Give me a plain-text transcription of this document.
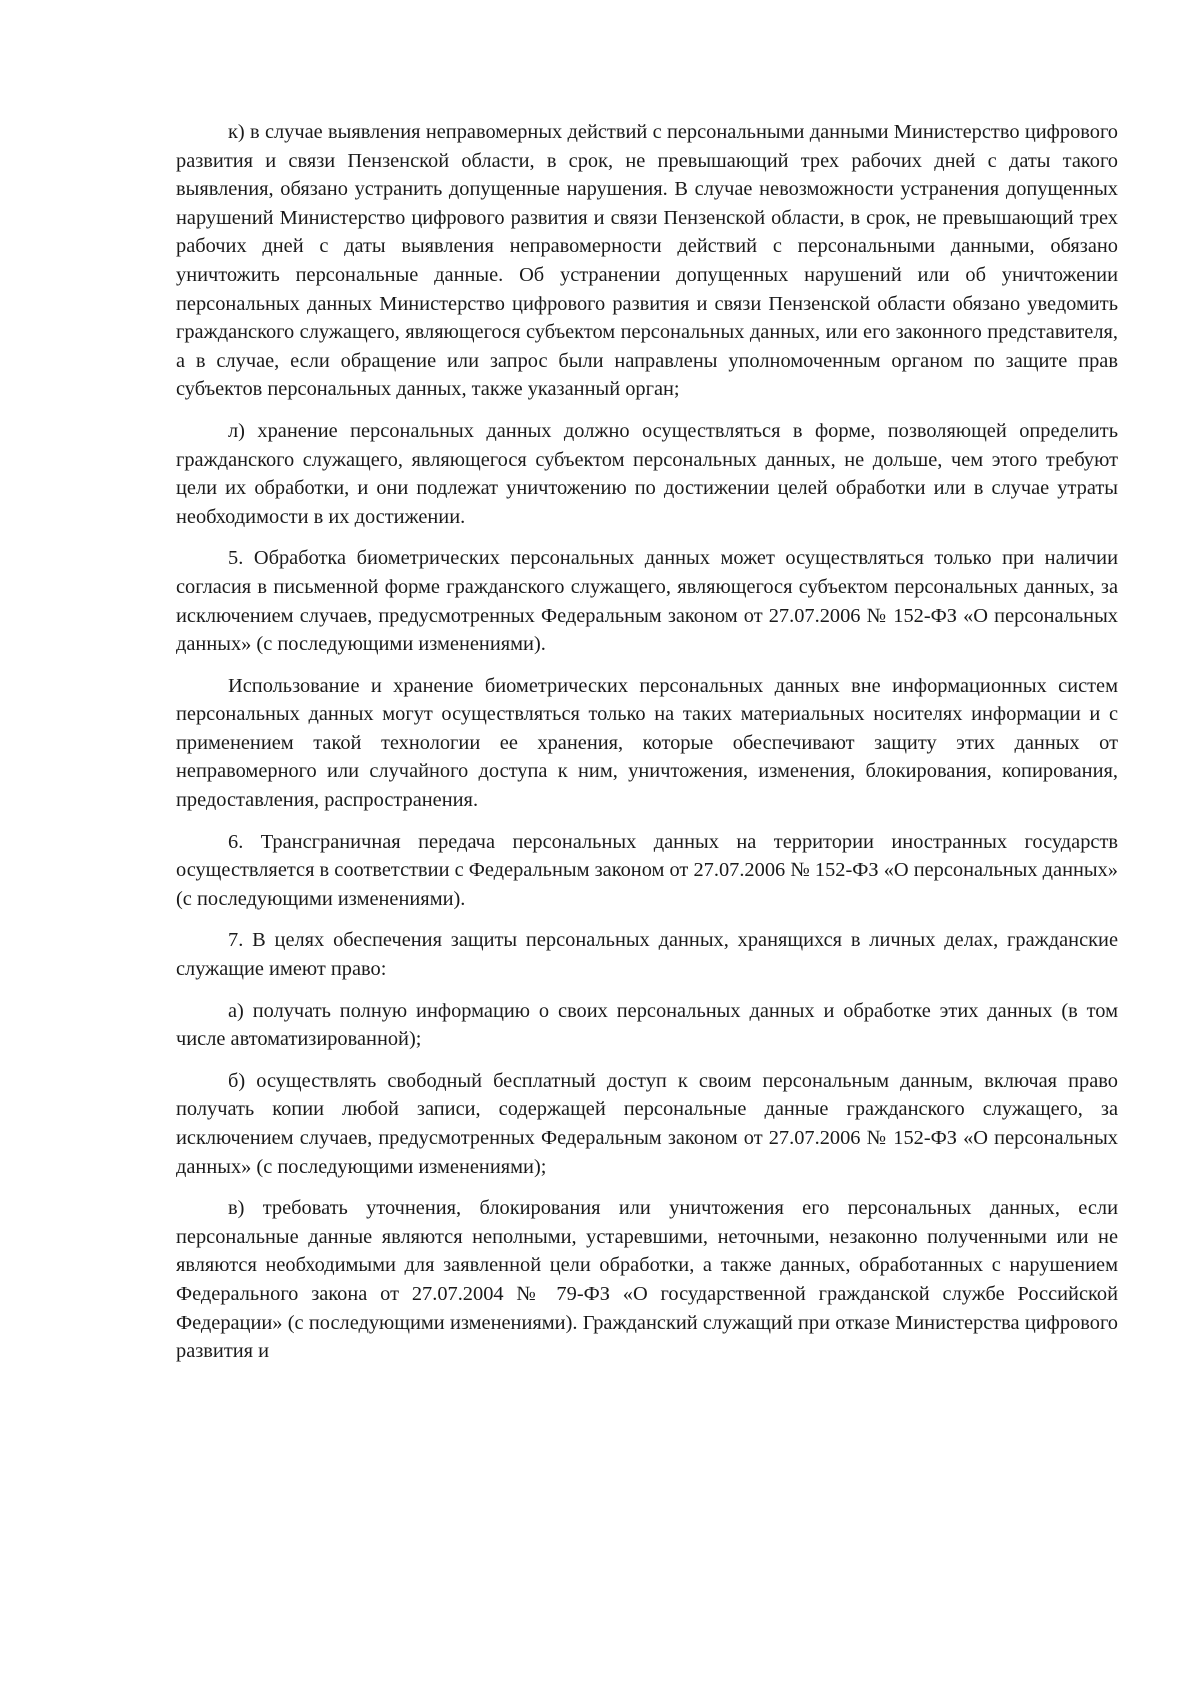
к) в случае выявления неправомерных действий с персональными данными Министерство цифрового развития и связи Пензенской области, в срок, не превышающий трех рабочих дней с даты такого выявления, обязано устранить допущенные нарушения. В случае невозможности устранения допущенных нарушений Министерство цифрового развития и связи Пензенской области, в срок, не превышающий трех рабочих дней с даты выявления неправомерности действий с персональными данными, обязано уничтожить персональные данные. Об устранении допущенных нарушений или об уничтожении персональных данных Министерство цифрового развития и связи Пензенской области обязано уведомить гражданского служащего, являющегося субъектом персональных данных, или его законного представителя, а в случае, если обращение или запрос были направлены уполномоченным органом по защите прав субъектов персональных данных, также указанный орган;

л) хранение персональных данных должно осуществляться в форме, позволяющей определить гражданского служащего, являющегося субъектом персональных данных, не дольше, чем этого требуют цели их обработки, и они подлежат уничтожению по достижении целей обработки или в случае утраты необходимости в их достижении.

5. Обработка биометрических персональных данных может осуществляться только при наличии согласия в письменной форме гражданского служащего, являющегося субъектом персональных данных, за исключением случаев, предусмотренных Федеральным законом от 27.07.2006 № 152-ФЗ «О персональных данных» (с последующими изменениями).

Использование и хранение биометрических персональных данных вне информационных систем персональных данных могут осуществляться только на таких материальных носителях информации и с применением такой технологии ее хранения, которые обеспечивают защиту этих данных от неправомерного или случайного доступа к ним, уничтожения, изменения, блокирования, копирования, предоставления, распространения.

6. Трансграничная передача персональных данных на территории иностранных государств осуществляется в соответствии с Федеральным законом от 27.07.2006 № 152-ФЗ «О персональных данных» (с последующими изменениями).

7. В целях обеспечения защиты персональных данных, хранящихся в личных делах, гражданские служащие имеют право:

а) получать полную информацию о своих персональных данных и обработке этих данных (в том числе автоматизированной);

б) осуществлять свободный бесплатный доступ к своим персональным данным, включая право получать копии любой записи, содержащей персональные данные гражданского служащего, за исключением случаев, предусмотренных Федеральным законом от 27.07.2006 № 152-ФЗ «О персональных данных» (с последующими изменениями);

в) требовать уточнения, блокирования или уничтожения его персональных данных, если персональные данные являются неполными, устаревшими, неточными, незаконно полученными или не являются необходимыми для заявленной цели обработки, а также данных, обработанных с нарушением Федерального закона от 27.07.2004 № 79-ФЗ «О государственной гражданской службе Российской Федерации» (с последующими изменениями). Гражданский служащий при отказе Министерства цифрового развития и
